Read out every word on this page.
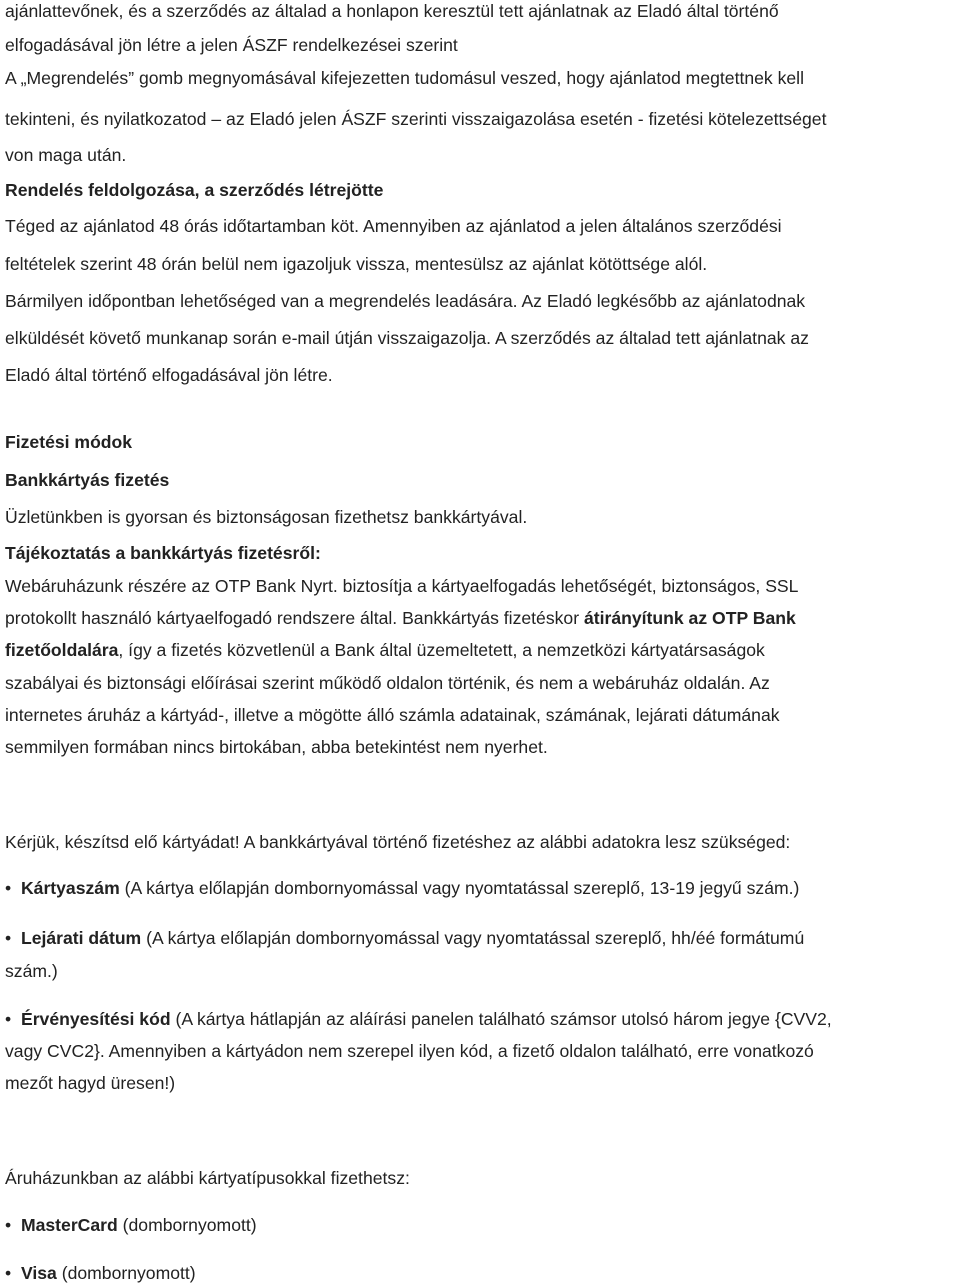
ajánlattevőnek, és a szerződés az általad a honlapon keresztül tett ajánlatnak az Eladó által történő
elfogadásával jön létre a jelen ÁSZF rendelkezései szerint
A „Megrendelés” gomb megnyomásával kifejezetten tudomásul veszed, hogy ajánlatod megtettnek kell
tekinteni, és nyilatkozatod – az Eladó jelen ÁSZF szerinti visszaigazolása esetén - fizetési kötelezettséget
von maga után.
Rendelés feldolgozása, a szerződés létrejötte
Téged az ajánlatod 48 órás időtartamban köt. Amennyiben az ajánlatod a jelen általános szerződési
feltételek szerint 48 órán belül nem igazoljuk vissza, mentesülsz az ajánlat kötöttsége alól.
Bármilyen időpontban lehetőséged van a megrendelés leadására. Az Eladó legkésőbb az ajánlatodnak
elküldését követő munkanap során e-mail útján visszaigazolja. A szerződés az általad tett ajánlatnak az
Eladó által történő elfogadásával jön létre.
Fizetési módok
Bankkártyás fizetés
Üzletünkben is gyorsan és biztonságosan fizethetsz bankkártyával.
Tájékoztatás a bankkártyás fizetésről:
Webáruházunk részére az OTP Bank Nyrt. biztosítja a kártyaelfogadás lehetőségét, biztonságos, SSL
protokollt használó kártyaelfogadó rendszere által. Bankkártyás fizetéskor átirányítunk az OTP Bank
fizetőoldalára, így a fizetés közvetlenül a Bank által üzemeltetett, a nemzetközi kártyatársaságok
szabályai és biztonsági előírásai szerint működő oldalon történik, és nem a webáruház oldalán. Az
internetes áruház a kártyád-, illetve a mögötte álló számla adatainak, számának, lejárati dátumának
semmilyen formában nincs birtokában, abba betekintést nem nyerhet.
Kérjük, készítsd elő kártyádat! A bankkártyával történő fizetéshez az alábbi adatokra lesz szükséged:
• Kártyaszám (A kártya előlapján dombornyomással vagy nyomtatással szereplő, 13-19 jegyű szám.)
• Lejárati dátum (A kártya előlapján dombornyomással vagy nyomtatással szereplő, hh/éé formátumú
szám.)
• Érvényesítési kód (A kártya hátlapján az aláírási panelen található számsor utolsó három jegye {CVV2,
vagy CVC2}. Amennyiben a kártyádon nem szerepel ilyen kód, a fizető oldalon található, erre vonatkozó
mezőt hagyd üresen!)
Áruházunkban az alábbi kártyatípusokkal fizethetsz:
• MasterCard (dombornyomott)
• Visa (dombornyomott)
